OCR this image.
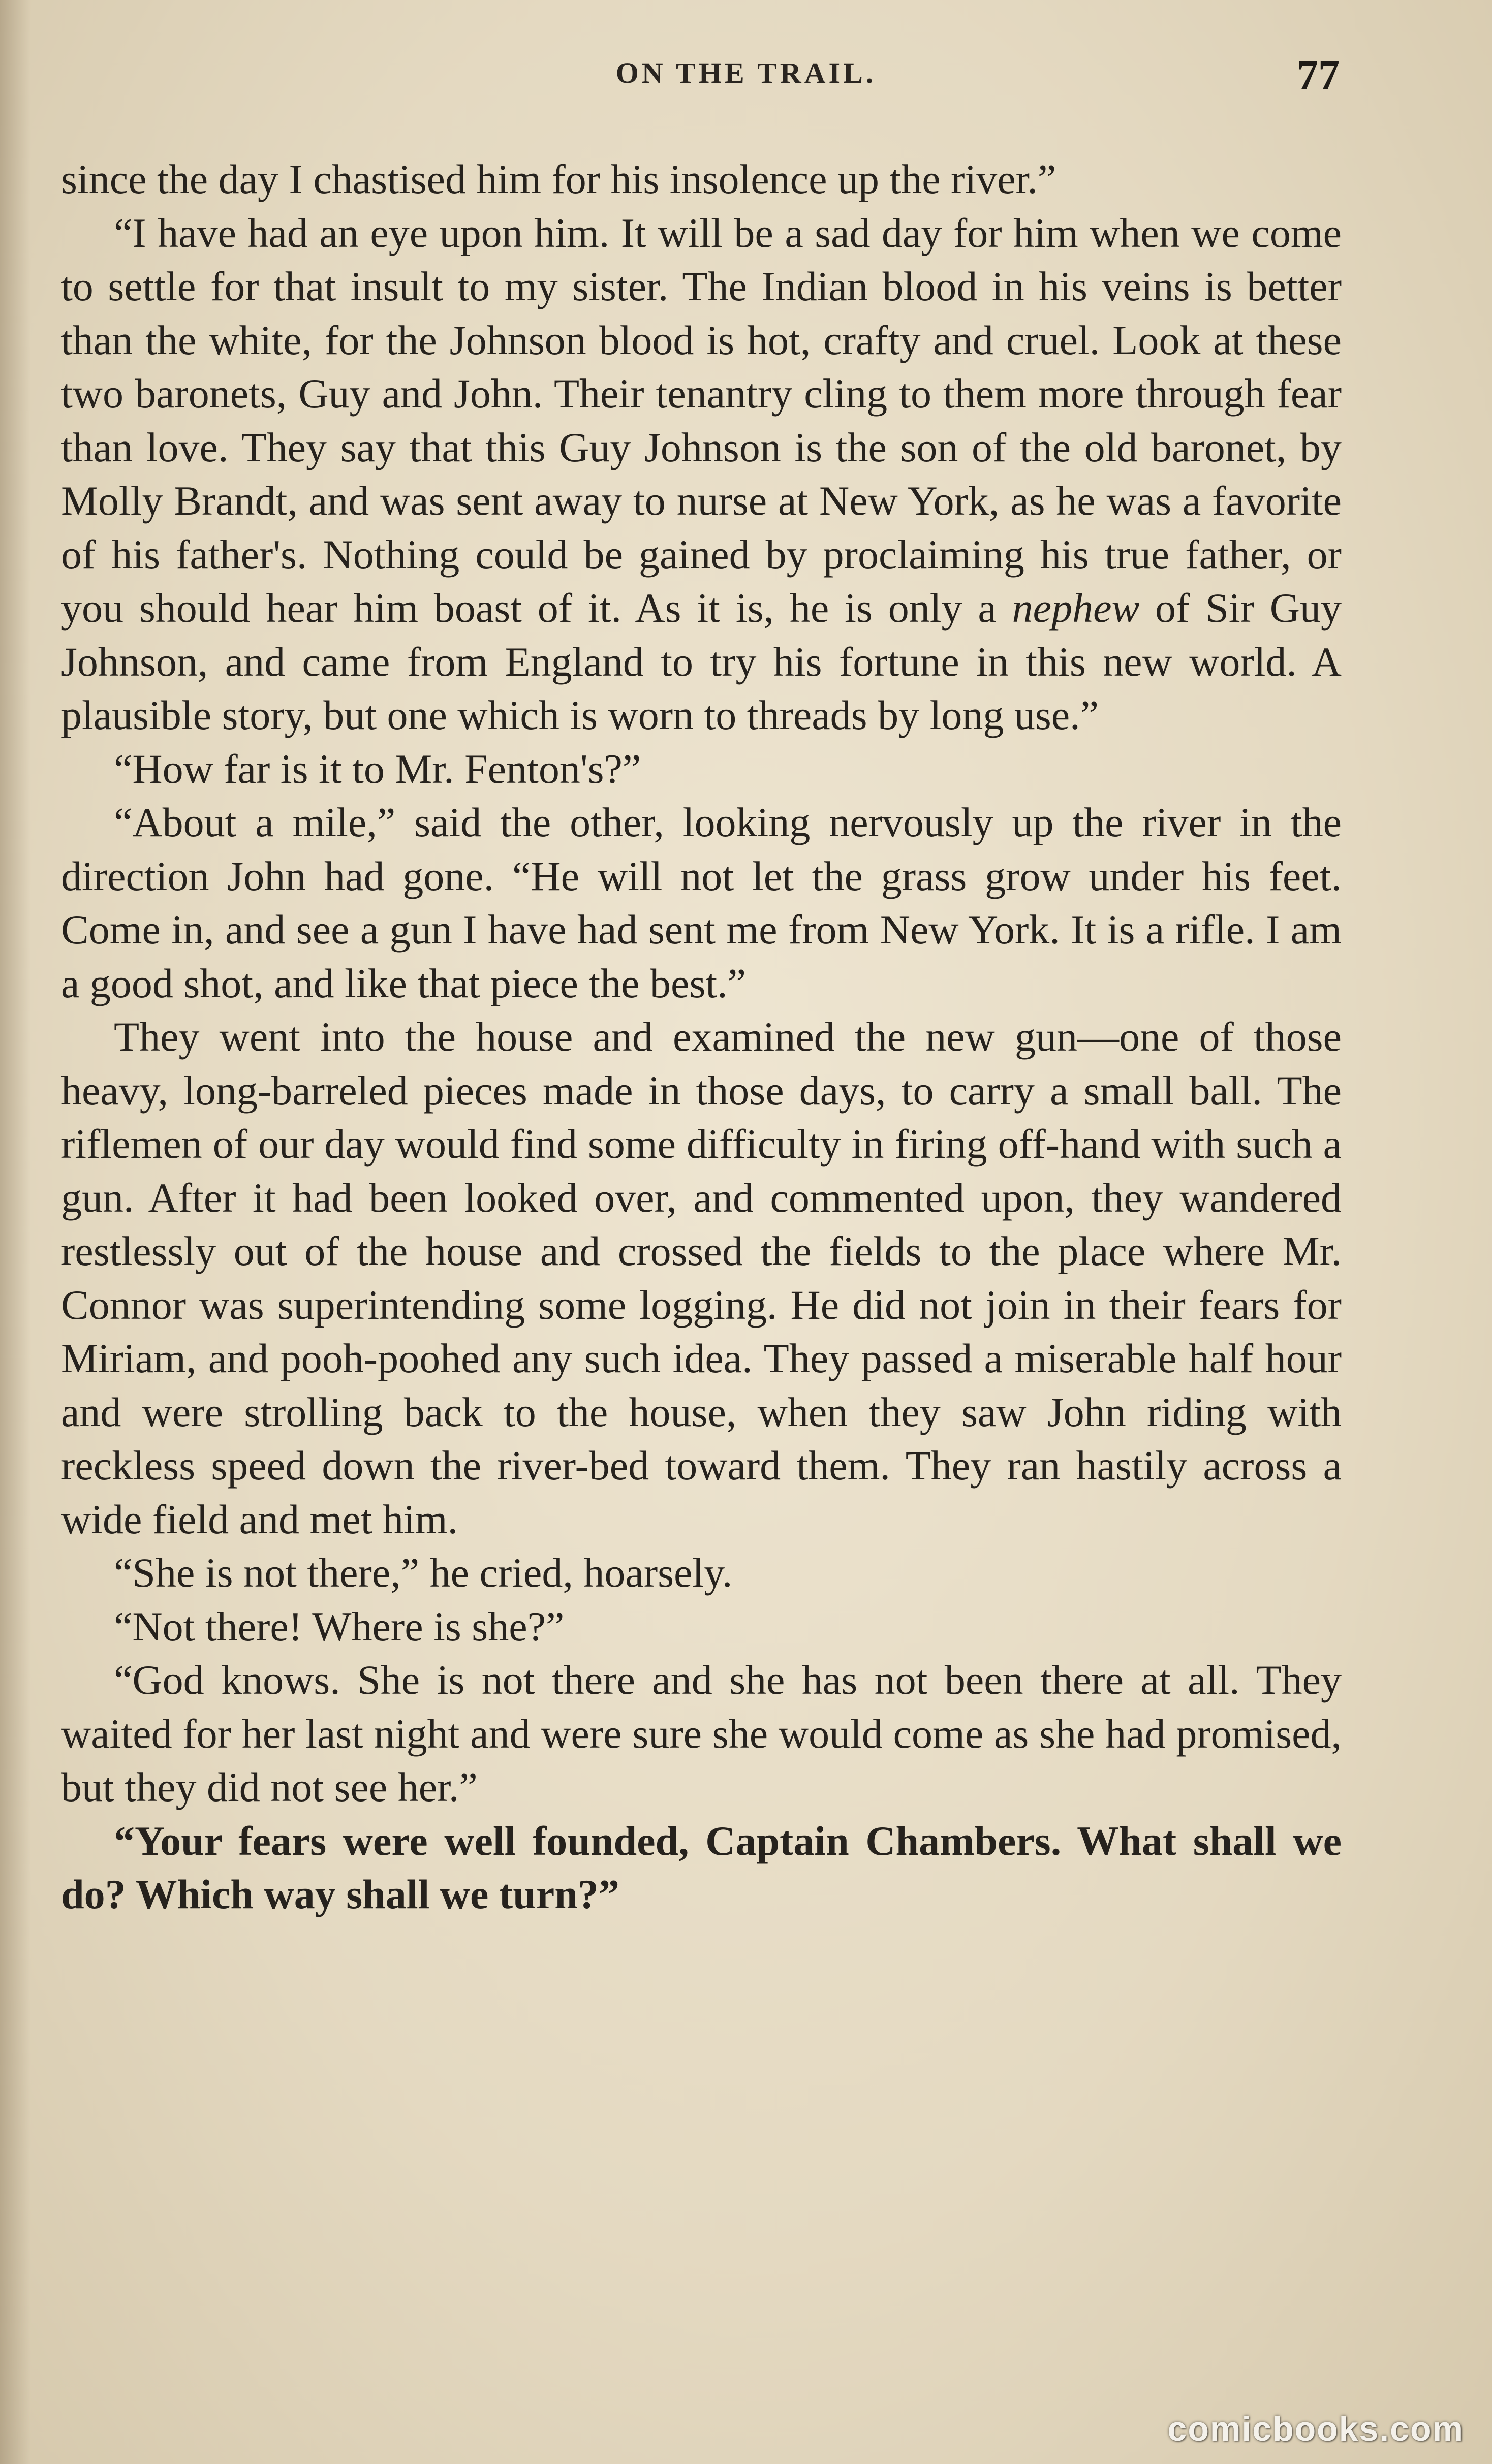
ON THE TRAIL.	77

since the day I chastised him for his insolence up the river.”

“I have had an eye upon him. It will be a sad day for him when we come to settle for that insult to my sister. The Indian blood in his veins is better than the white, for the Johnson blood is hot, crafty and cruel. Look at these two baronets, Guy and John. Their tenantry cling to them more through fear than love. They say that this Guy Johnson is the son of the old baronet, by Molly Brandt, and was sent away to nurse at New York, as he was a favorite of his father's. Nothing could be gained by proclaiming his true father, or you should hear him boast of it. As it is, he is only a nephew of Sir Guy Johnson, and came from England to try his fortune in this new world. A plausible story, but one which is worn to threads by long use.”

“How far is it to Mr. Fenton's?”

“About a mile,” said the other, looking nervously up the river in the direction John had gone. “He will not let the grass grow under his feet. Come in, and see a gun I have had sent me from New York. It is a rifle. I am a good shot, and like that piece the best.”

They went into the house and examined the new gun—one of those heavy, long-barreled pieces made in those days, to carry a small ball. The riflemen of our day would find some difficulty in firing off-hand with such a gun. After it had been looked over, and commented upon, they wandered restlessly out of the house and crossed the fields to the place where Mr. Connor was superintending some logging. He did not join in their fears for Miriam, and pooh-poohed any such idea. They passed a miserable half hour and were strolling back to the house, when they saw John riding with reckless speed down the river-bed toward them. They ran hastily across a wide field and met him.

“She is not there,” he cried, hoarsely.

“Not there! Where is she?”

“God knows. She is not there and she has not been there at all. They waited for her last night and were sure she would come as she had promised, but they did not see her.”

“Your fears were well founded, Captain Chambers. What shall we do? Which way shall we turn?”

comicbooks.com
